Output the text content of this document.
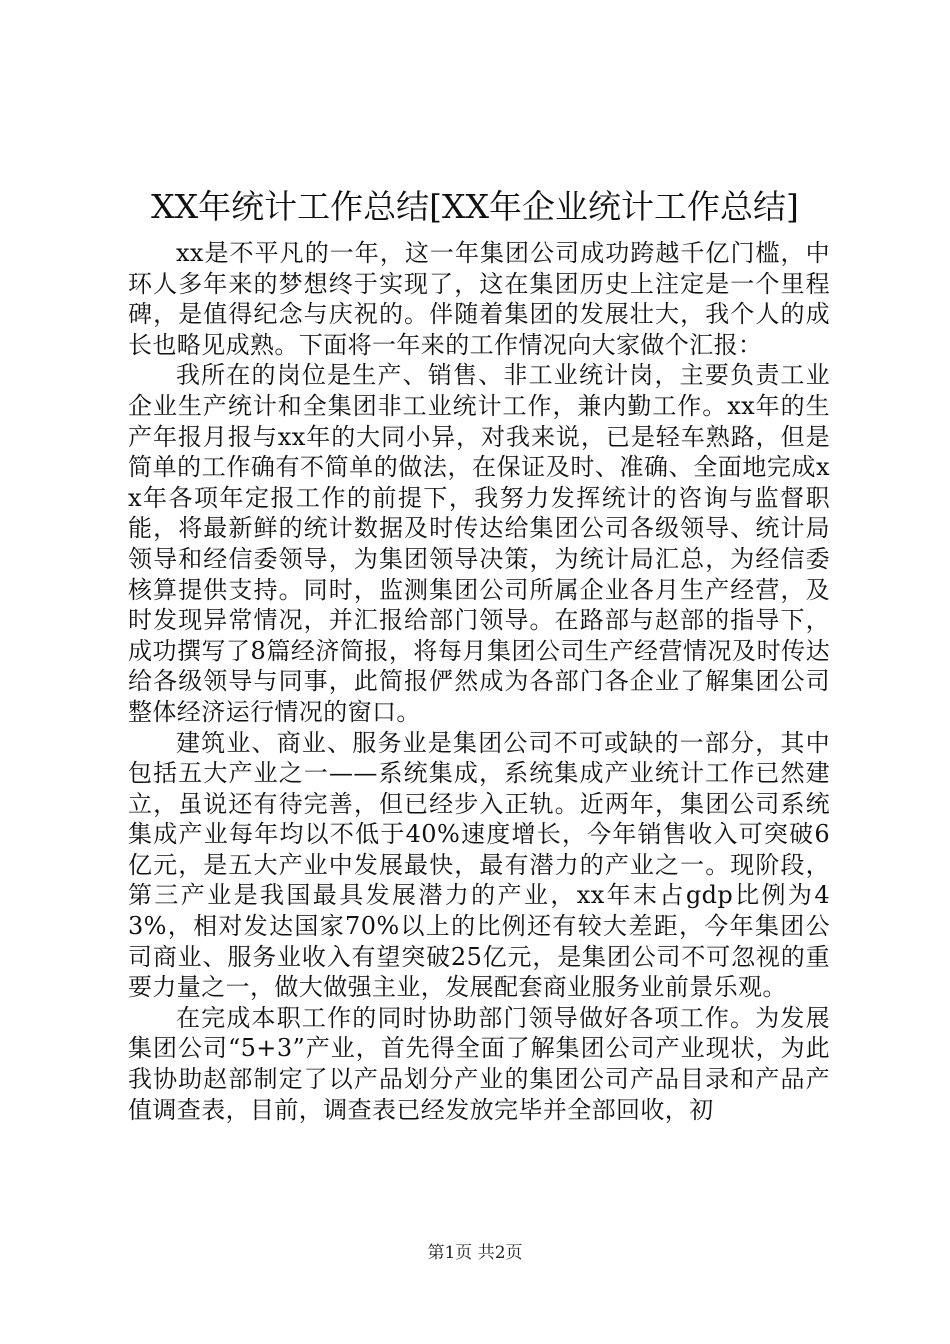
XX年统计工作总结[XX年企业统计工作总结]

xx是不平凡的一年，这一年集团公司成功跨越千亿门槛，中环人多年来的梦想终于实现了，这在集团历史上注定是一个里程碑，是值得纪念与庆祝的。伴随着集团的发展壮大，我个人的成长也略见成熟。下面将一年来的工作情况向大家做个汇报：

我所在的岗位是生产、销售、非工业统计岗，主要负责工业企业生产统计和全集团非工业统计工作，兼内勤工作。xx年的生产年报月报与xx年的大同小异，对我来说，已是轻车熟路，但是简单的工作确有不简单的做法，在保证及时、准确、全面地完成xx年各项年定报工作的前提下，我努力发挥统计的咨询与监督职能，将最新鲜的统计数据及时传达给集团公司各级领导、统计局领导和经信委领导，为集团领导决策，为统计局汇总，为经信委核算提供支持。同时，监测集团公司所属企业各月生产经营，及时发现异常情况，并汇报给部门领导。在路部与赵部的指导下，成功撰写了8篇经济简报，将每月集团公司生产经营情况及时传达给各级领导与同事，此简报俨然成为各部门各企业了解集团公司整体经济运行情况的窗口。

建筑业、商业、服务业是集团公司不可或缺的一部分，其中包括五大产业之一——系统集成，系统集成产业统计工作已然建立，虽说还有待完善，但已经步入正轨。近两年，集团公司系统集成产业每年均以不低于40%速度增长，今年销售收入可突破6亿元，是五大产业中发展最快，最有潜力的产业之一。现阶段，第三产业是我国最具发展潜力的产业，xx年末占gdp比例为43%，相对发达国家70%以上的比例还有较大差距，今年集团公司商业、服务业收入有望突破25亿元，是集团公司不可忽视的重要力量之一，做大做强主业，发展配套商业服务业前景乐观。

在完成本职工作的同时协助部门领导做好各项工作。为发展集团公司“5+3”产业，首先得全面了解集团公司产业现状，为此我协助赵部制定了以产品划分产业的集团公司产品目录和产品产值调查表，目前，调查表已经发放完毕并全部回收，初

第1页 共2页
